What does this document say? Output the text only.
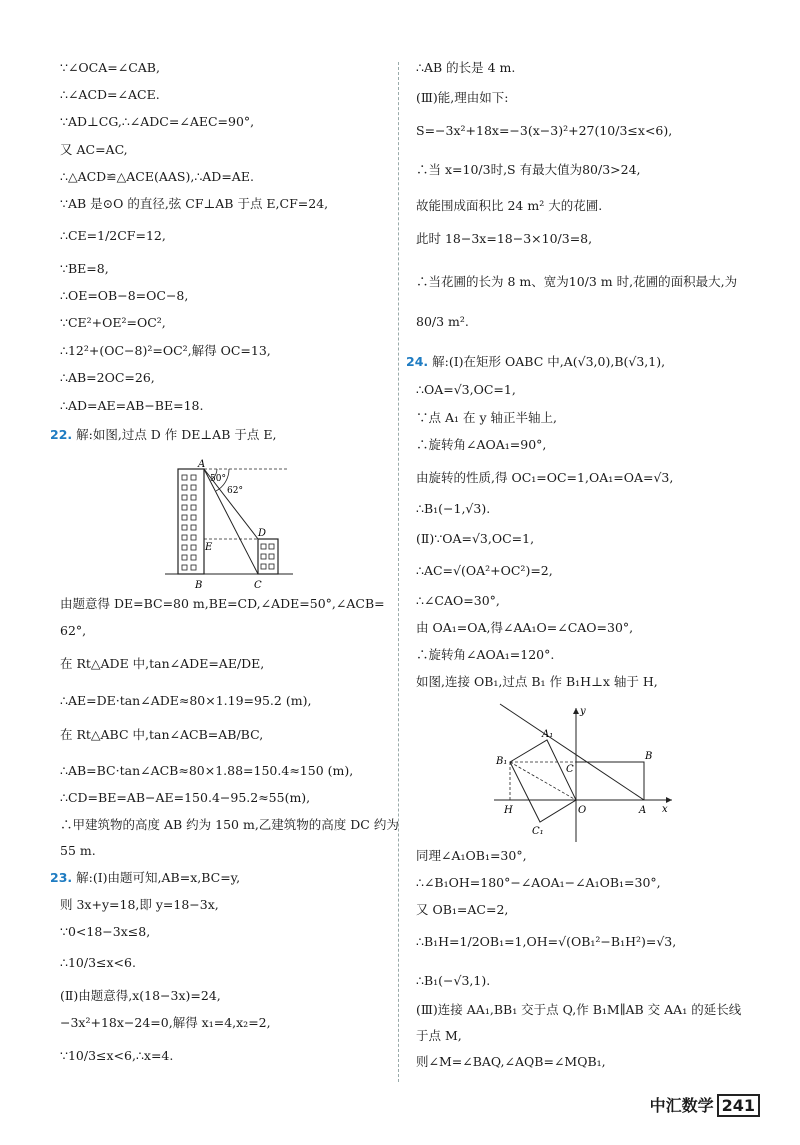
∵∠OCA=∠CAB,
∴∠ACD=∠ACE.
∵AD⊥CG,∴∠ADC=∠AEC=90°,
又 AC=AC,
∴△ACD≌△ACE(AAS),∴AD=AE.
∵AB 是⊙O 的直径,弦 CF⊥AB 于点 E,CF=24,
∴CE=1/2CF=12,
∵BE=8,
∴OE=OB−8=OC−8,
∵CE²+OE²=OC²,
∴12²+(OC−8)²=OC²,解得 OC=13,
∴AB=2OC=26,
∴AD=AE=AB−BE=18.
22. 解:如图,过点 D 作 DE⊥AB 于点 E,
由题意得 DE=BC=80 m,BE=CD,∠ADE=50°,∠ACB=
62°,
在 Rt△ADE 中,tan∠ADE=AE/DE,
∴AE=DE·tan∠ADE≈80×1.19=95.2 (m),
在 Rt△ABC 中,tan∠ACB=AB/BC,
∴AB=BC·tan∠ACB≈80×1.88=150.4≈150 (m),
∴CD=BE=AB−AE=150.4−95.2≈55(m),
∴甲建筑物的高度 AB 约为 150 m,乙建筑物的高度 DC 约为
55 m.
23. 解:(Ⅰ)由题可知,AB=x,BC=y,
则 3x+y=18,即 y=18−3x,
∵0<18−3x≤8,
∴10/3≤x<6.
(Ⅱ)由题意得,x(18−3x)=24,
−3x²+18x−24=0,解得 x₁=4,x₂=2,
∵10/3≤x<6,∴x=4.
∴AB 的长是 4 m.
(Ⅲ)能,理由如下:
S=−3x²+18x=−3(x−3)²+27(10/3≤x<6),
∴当 x=10/3时,S 有最大值为80/3>24,
故能围成面积比 24 m² 大的花圃.
此时 18−3x=18−3×10/3=8,
∴当花圃的长为 8 m、宽为10/3 m 时,花圃的面积最大,为
80/3 m².
24. 解:(Ⅰ)在矩形 OABC 中,A(√3,0),B(√3,1),
∴OA=√3,OC=1,
∵点 A₁ 在 y 轴正半轴上,
∴旋转角∠AOA₁=90°,
由旋转的性质,得 OC₁=OC=1,OA₁=OA=√3,
∴B₁(−1,√3).
(Ⅱ)∵OA=√3,OC=1,
∴AC=√(OA²+OC²)=2,
∴∠CAO=30°,
由 OA₁=OA,得∠AA₁O=∠CAO=30°,
∴旋转角∠AOA₁=120°.
如图,连接 OB₁,过点 B₁ 作 B₁H⊥x 轴于 H,
同理∠A₁OB₁=30°,
∴∠B₁OH=180°−∠AOA₁−∠A₁OB₁=30°,
又 OB₁=AC=2,
∴B₁H=1/2OB₁=1,OH=√(OB₁²−B₁H²)=√3,
∴B₁(−√3,1).
(Ⅲ)连接 AA₁,BB₁ 交于点 Q,作 B₁M∥AB 交 AA₁ 的延长线
于点 M,
则∠M=∠BAQ,∠AQB=∠MQB₁,
A
B	C
D
E
50°
62°
y
x
A₁
B
B₁
C
H	O	A
C₁
中汇数学 241
